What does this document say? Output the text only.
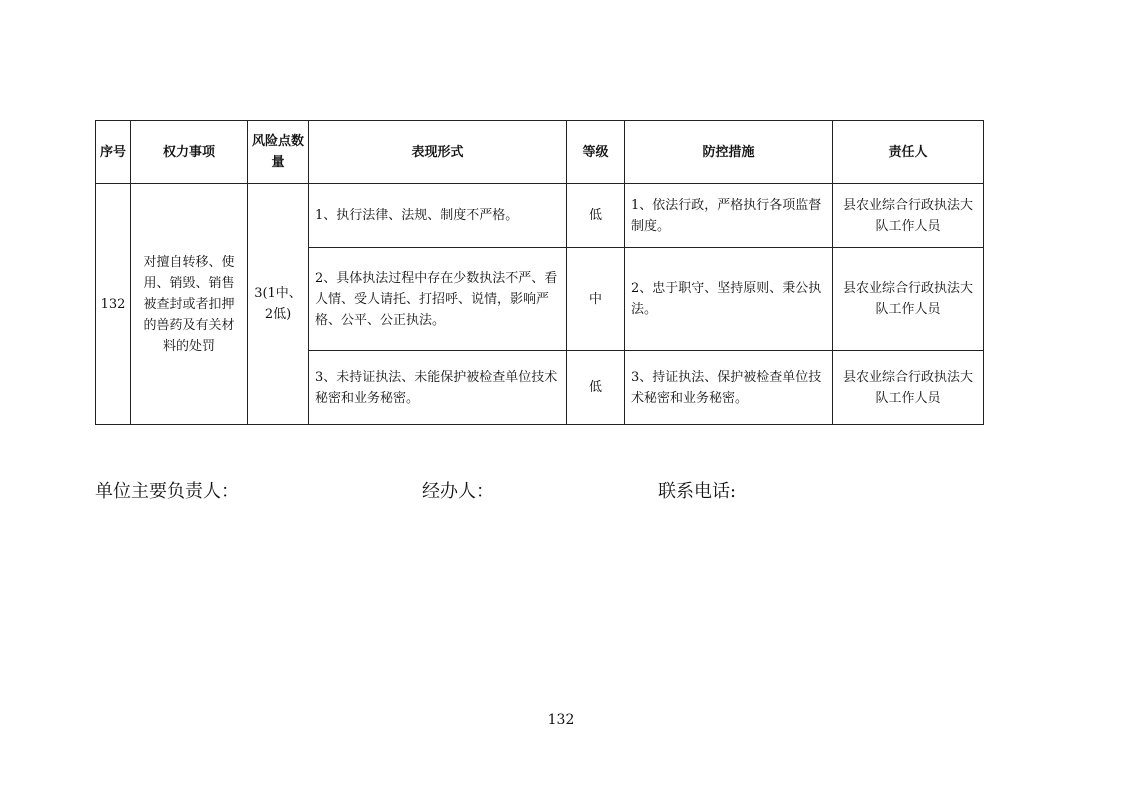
序号	权力事项	风险点数量	表现形式	等级	防控措施	责任人
132	对擅自转移、使用、销毁、销售被查封或者扣押的兽药及有关材料的处罚	3(1中、2低)	1、执行法律、法规、制度不严格。	低	1、依法行政，严格执行各项监督制度。	县农业综合行政执法大队工作人员
			2、具体执法过程中存在少数执法不严、看人情、受人请托、打招呼、说情，影响严格、公平、公正执法。	中	2、忠于职守、坚持原则、秉公执法。	县农业综合行政执法大队工作人员
			3、未持证执法、未能保护被检查单位技术秘密和业务秘密。	低	3、持证执法、保护被检查单位技术秘密和业务秘密。	县农业综合行政执法大队工作人员
单位主要负责人：	经办人：	联系电话:
132
